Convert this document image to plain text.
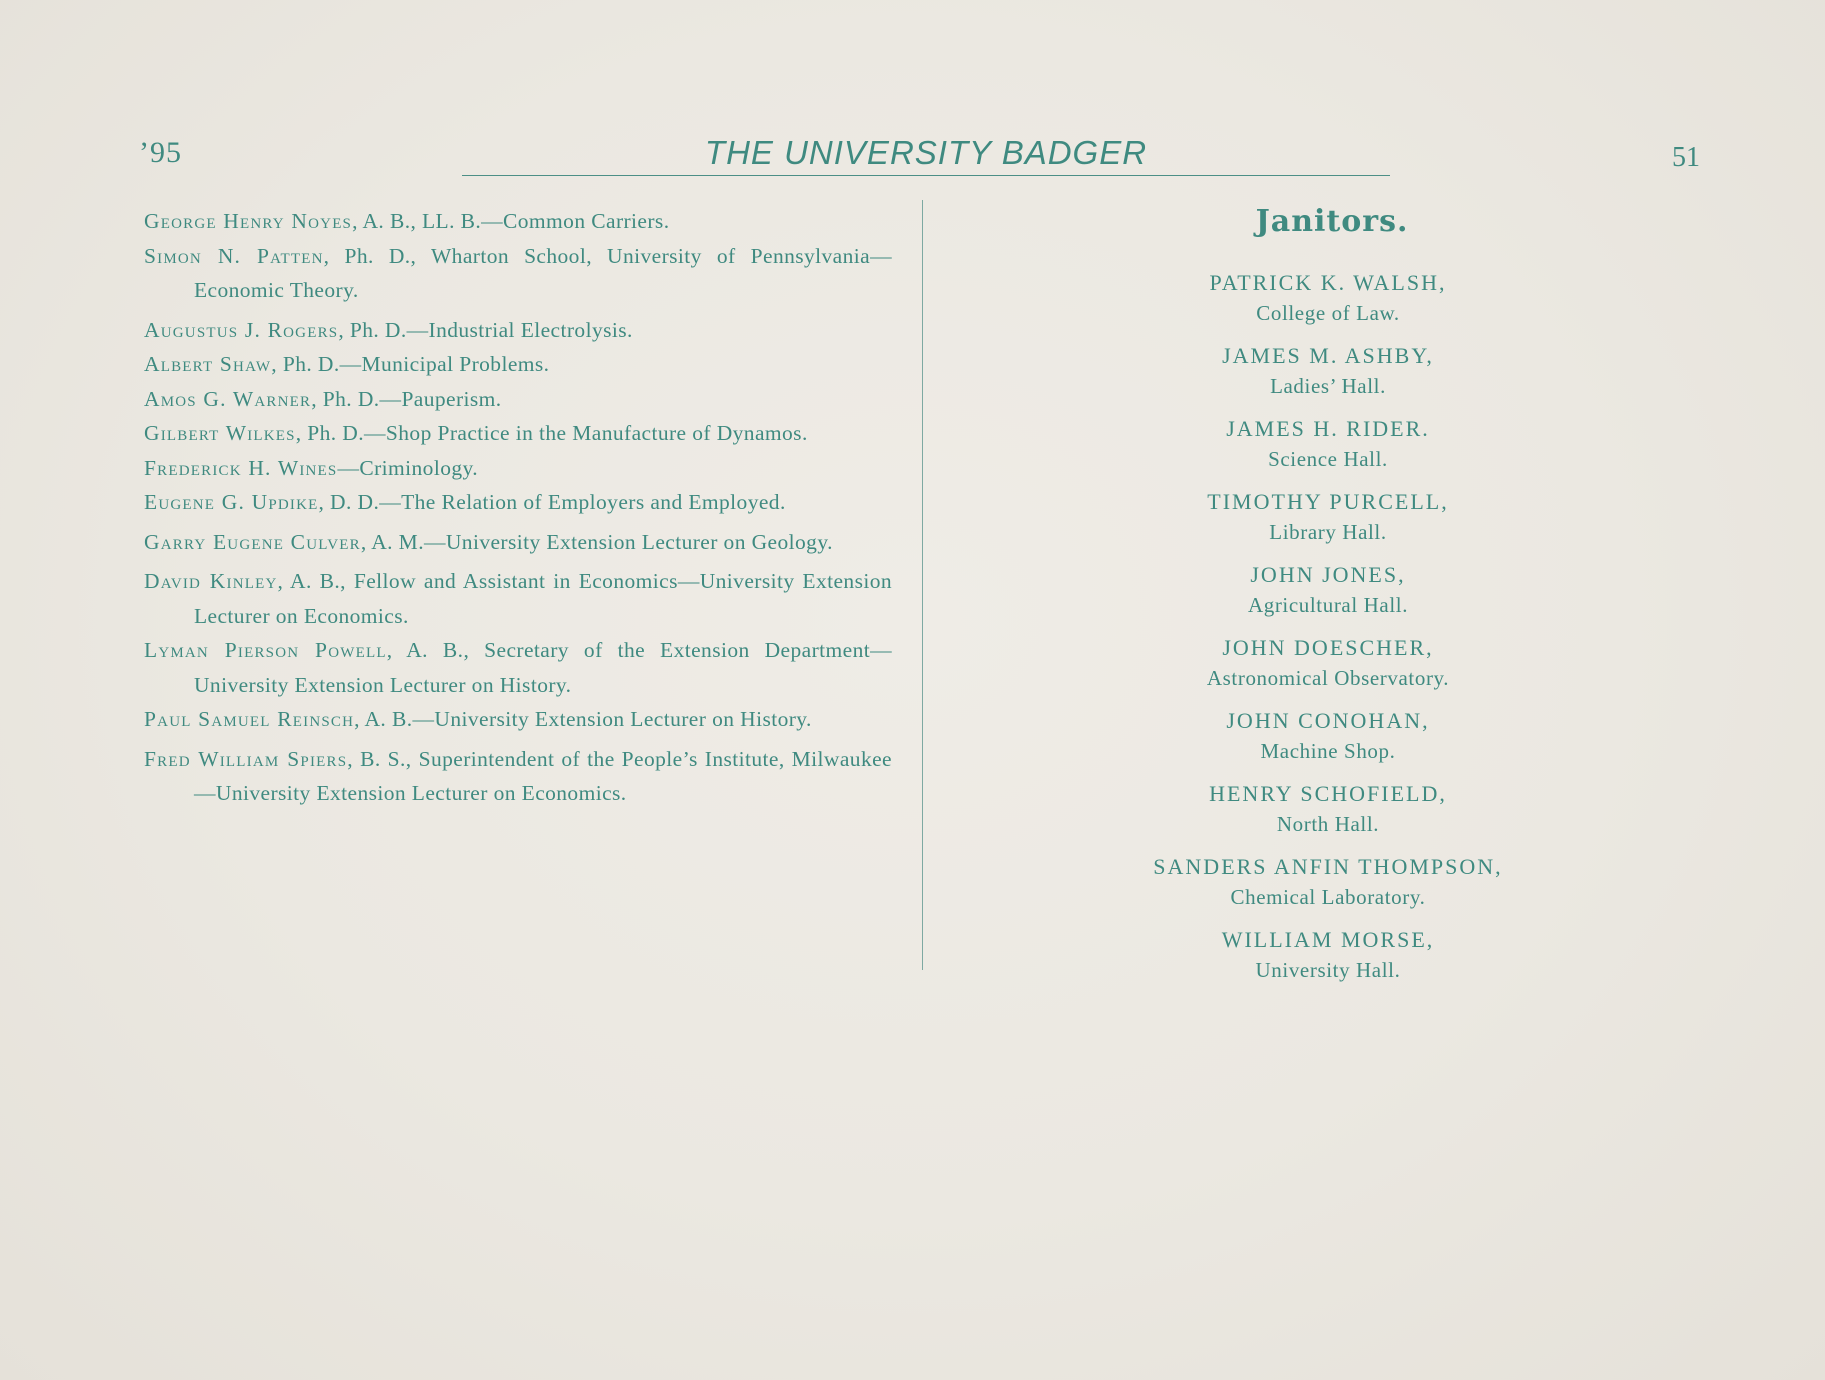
’95	THE UNIVERSITY BADGER	51

George Henry Noyes, A. B., LL. B.—Common Carriers.

Simon N. Patten, Ph. D., Wharton School, University of Pennsylvania—Economic Theory.

Augustus J. Rogers, Ph. D.—Industrial Electrolysis.

Albert Shaw, Ph. D.—Municipal Problems.

Amos G. Warner, Ph. D.—Pauperism.

Gilbert Wilkes, Ph. D.—Shop Practice in the Manufacture of Dynamos.

Frederick H. Wines—Criminology.

Eugene G. Updike, D. D.—The Relation of Employers and Employed.

Garry Eugene Culver, A. M.—University Extension Lecturer on Geology.

David Kinley, A. B., Fellow and Assistant in Economics—University Extension Lecturer on Economics.

Lyman Pierson Powell, A. B., Secretary of the Extension Department—University Extension Lecturer on History.

Paul Samuel Reinsch, A. B.—University Extension Lecturer on History.

Fred William Spiers, B. S., Superintendent of the People’s Institute, Milwaukee—University Extension Lecturer on Economics.

Janitors.
PATRICK K. WALSH,
College of Law.
JAMES M. ASHBY,
Ladies’ Hall.
JAMES H. RIDER.
Science Hall.
TIMOTHY PURCELL,
Library Hall.
JOHN JONES,
Agricultural Hall.
JOHN DOESCHER,
Astronomical Observatory.
JOHN CONOHAN,
Machine Shop.
HENRY SCHOFIELD,
North Hall.
SANDERS ANFIN THOMPSON,
Chemical Laboratory.
WILLIAM MORSE,
University Hall.
